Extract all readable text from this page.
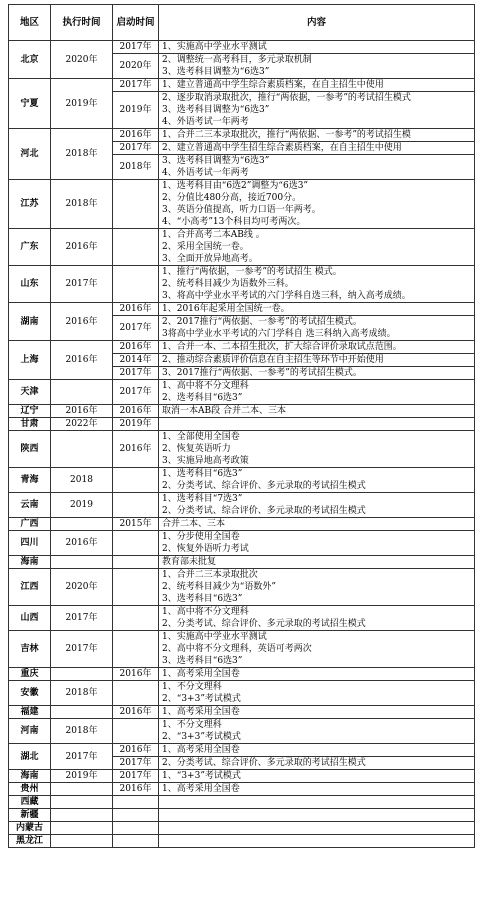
地区	执行时间	启动时间	内容
北京	2020年	2017年	1、实施高中学业水平测试

		2020年	2、调整统一高考科目，多元录取机制
3、选考科目调整为“6选3”

宁夏	2019年	2017年	1、建立普通高中学生综合素质档案，在自主招生中使用

		2019年	2、逐步取消录取批次，推行“两依据，一参考”的考试招生模式
3、选考科目调整为“6选3”
4、外语考试一年两考

河北	2018年	2016年	1、合并二三本录取批次，推行“两依据、一参考”的考试招生模

		2017年	2、建立普通高中学生招生综合素质档案，在自主招生中使用

		2018年	3、选考科目调整为“6选3”
4、外语考试一年两考

江苏	2018年		1、选考科目由“6选2”调整为“6选3”
2、分值比480分高，接近700分。
3、英语分值提高，听力口语一年两考。
4、“小高考”13个科目均可考两次。

广东	2016年		1、合并高考二本AB线 。
2、采用全国统一卷。
3、全面开放异地高考。

山东	2017年		1、推行“两依据，一参考”的考试招生 模式。
2、统考科目减少为语数外三科。
3、将高中学业水平考试的六门学科自选三科，纳入高考成绩。

湖南	2016年	2016年	1、2016年起采用全国统一卷。

		2017年	2、2017推行“两依据、一参考”的考试招生模式。
3将高中学业水平考试的六门学科自 选三科纳入高考成绩。

上海	2016年	2016年	1、合并一本、二本招生批次，扩大综合评价录取试点范围。

		2014年	2、推动综合素质评价信息在自主招生等环节中开始使用

		2017年	3、2017推行“两依据、一参考”的考试招生模式。

天津		2017年	1、高中将不分文理科
2、选考科目“6选3”

辽宁	2016年	2016年	取消一本AB段 合并二本、三本

甘肃	2022年	2019年	

陕西		2016年	1、全部使用全国卷
2、恢复英语听力
3、实施异地高考政策

青海	2018		1、选考科目“6选3”
2、分类考试、综合评价、多元录取的考试招生模式

云南	2019		1、选考科目“7选3”
2、分类考试、综合评价、多元录取的考试招生模式

广西		2015年	合并二本、三本

四川	2016年		1、分步使用全国卷
2、恢复外语听力考试

海南			教育部未批复

江西	2020年		1、合并二三本录取批次
2、统考科目减少为“语数外”
3、选考科目“6选3”

山西	2017年		1、高中将不分文理科
2、分类考试、综合评价、多元录取的考试招生模式

吉林	2017年		1、实施高中学业水平测试
2、高中将不分文理科，英语可考两次
3、选考科目“6选3”

重庆		2016年	1、高考采用全国卷

安徽	2018年		1、不分文理科
2、“3+3”考试模式

福建		2016年	1、高考采用全国卷

河南	2018年		1、不分文理科
2、“3+3”考试模式

湖北	2017年	2016年	1、高考采用全国卷

		2017年	2、分类考试、综合评价、多元录取的考试招生模式

海南	2019年	2017年	1、“3+3”考试模式

贵州		2016年	1、高考采用全国卷

西藏			

新疆			

内蒙古			

黑龙江			
